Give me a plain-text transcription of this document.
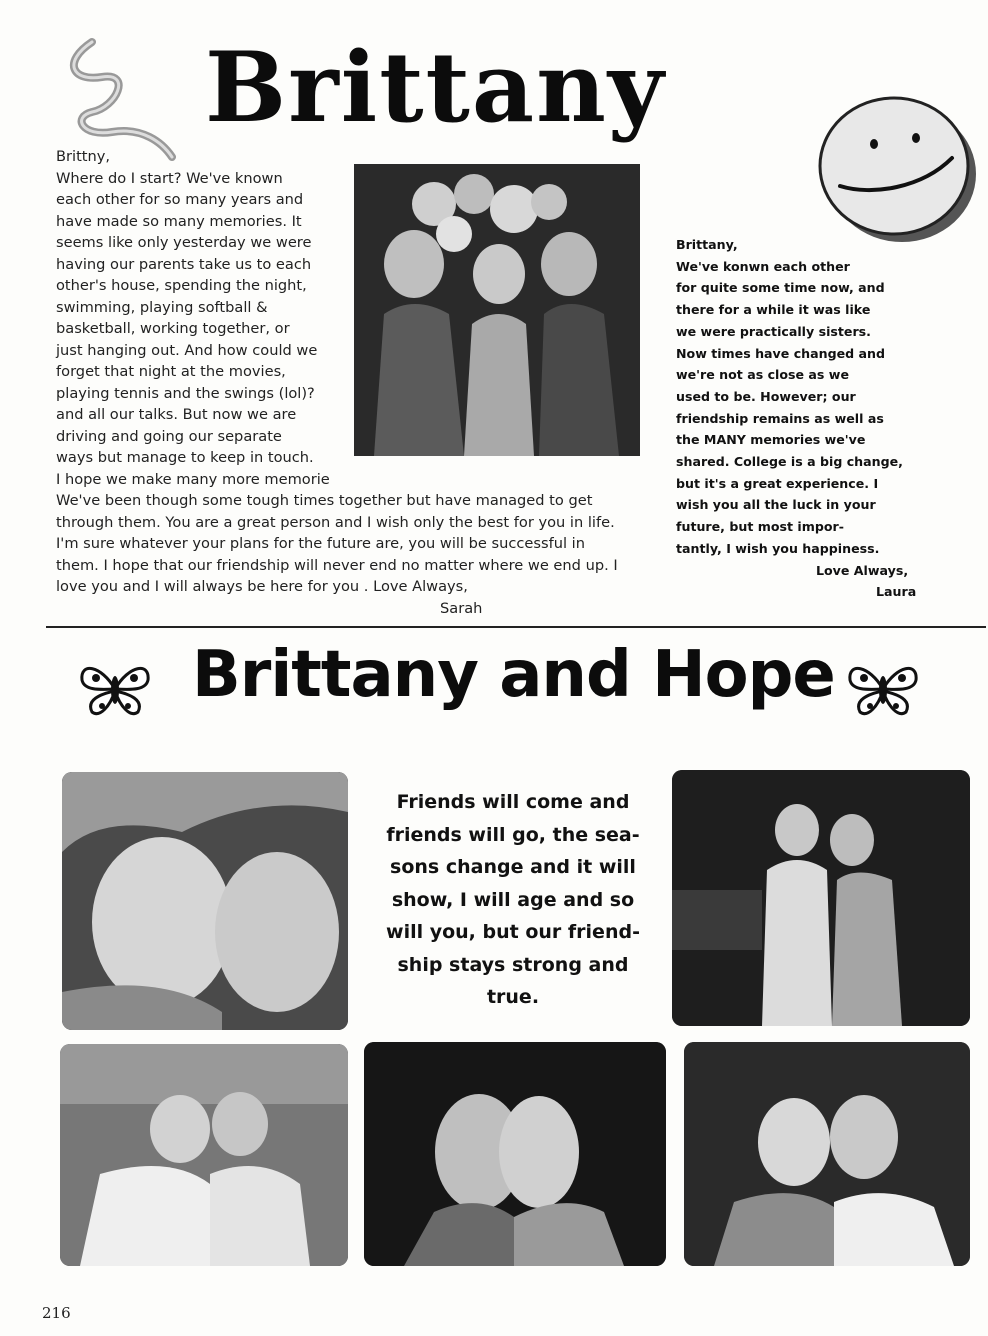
Brittany
Brittny,
Where do I start? We've known
each other for so many years and
have made so many memories. It
seems like only yesterday we were
having our parents take us to each
other's house, spending the night,
swimming, playing softball &
basketball, working together, or
just hanging out. And how could we
forget that night at the movies,
playing tennis and the swings (lol)?
and all our talks. But now we are
driving and going our separate
ways but manage to keep in touch.
I hope we make many more memorie
We've been though some tough times together but have managed to get
through them. You are a great person and I wish only the best for you in life.
I'm sure whatever your plans for the future are, you will be successful in
them. I hope that our friendship will never end no matter where we end up. I
love you and I will always be here for you . Love Always,
Sarah
Brittany,
We've konwn each other
for quite some time now, and
there for a while it was like
we were practically sisters.
Now times have changed and
we're not as close as we
used to be. However; our
friendship remains as well as
the MANY memories we've
shared. College is a big change,
but it's a great experience. I
wish you all the luck in your
future, but most impor-
tantly, I wish you happiness.
Love Always,
Laura
Brittany and Hope
Friends will come and friends will go, the sea-sons change and it will show, I will age and so will you, but our friend-ship stays strong and true.
216
